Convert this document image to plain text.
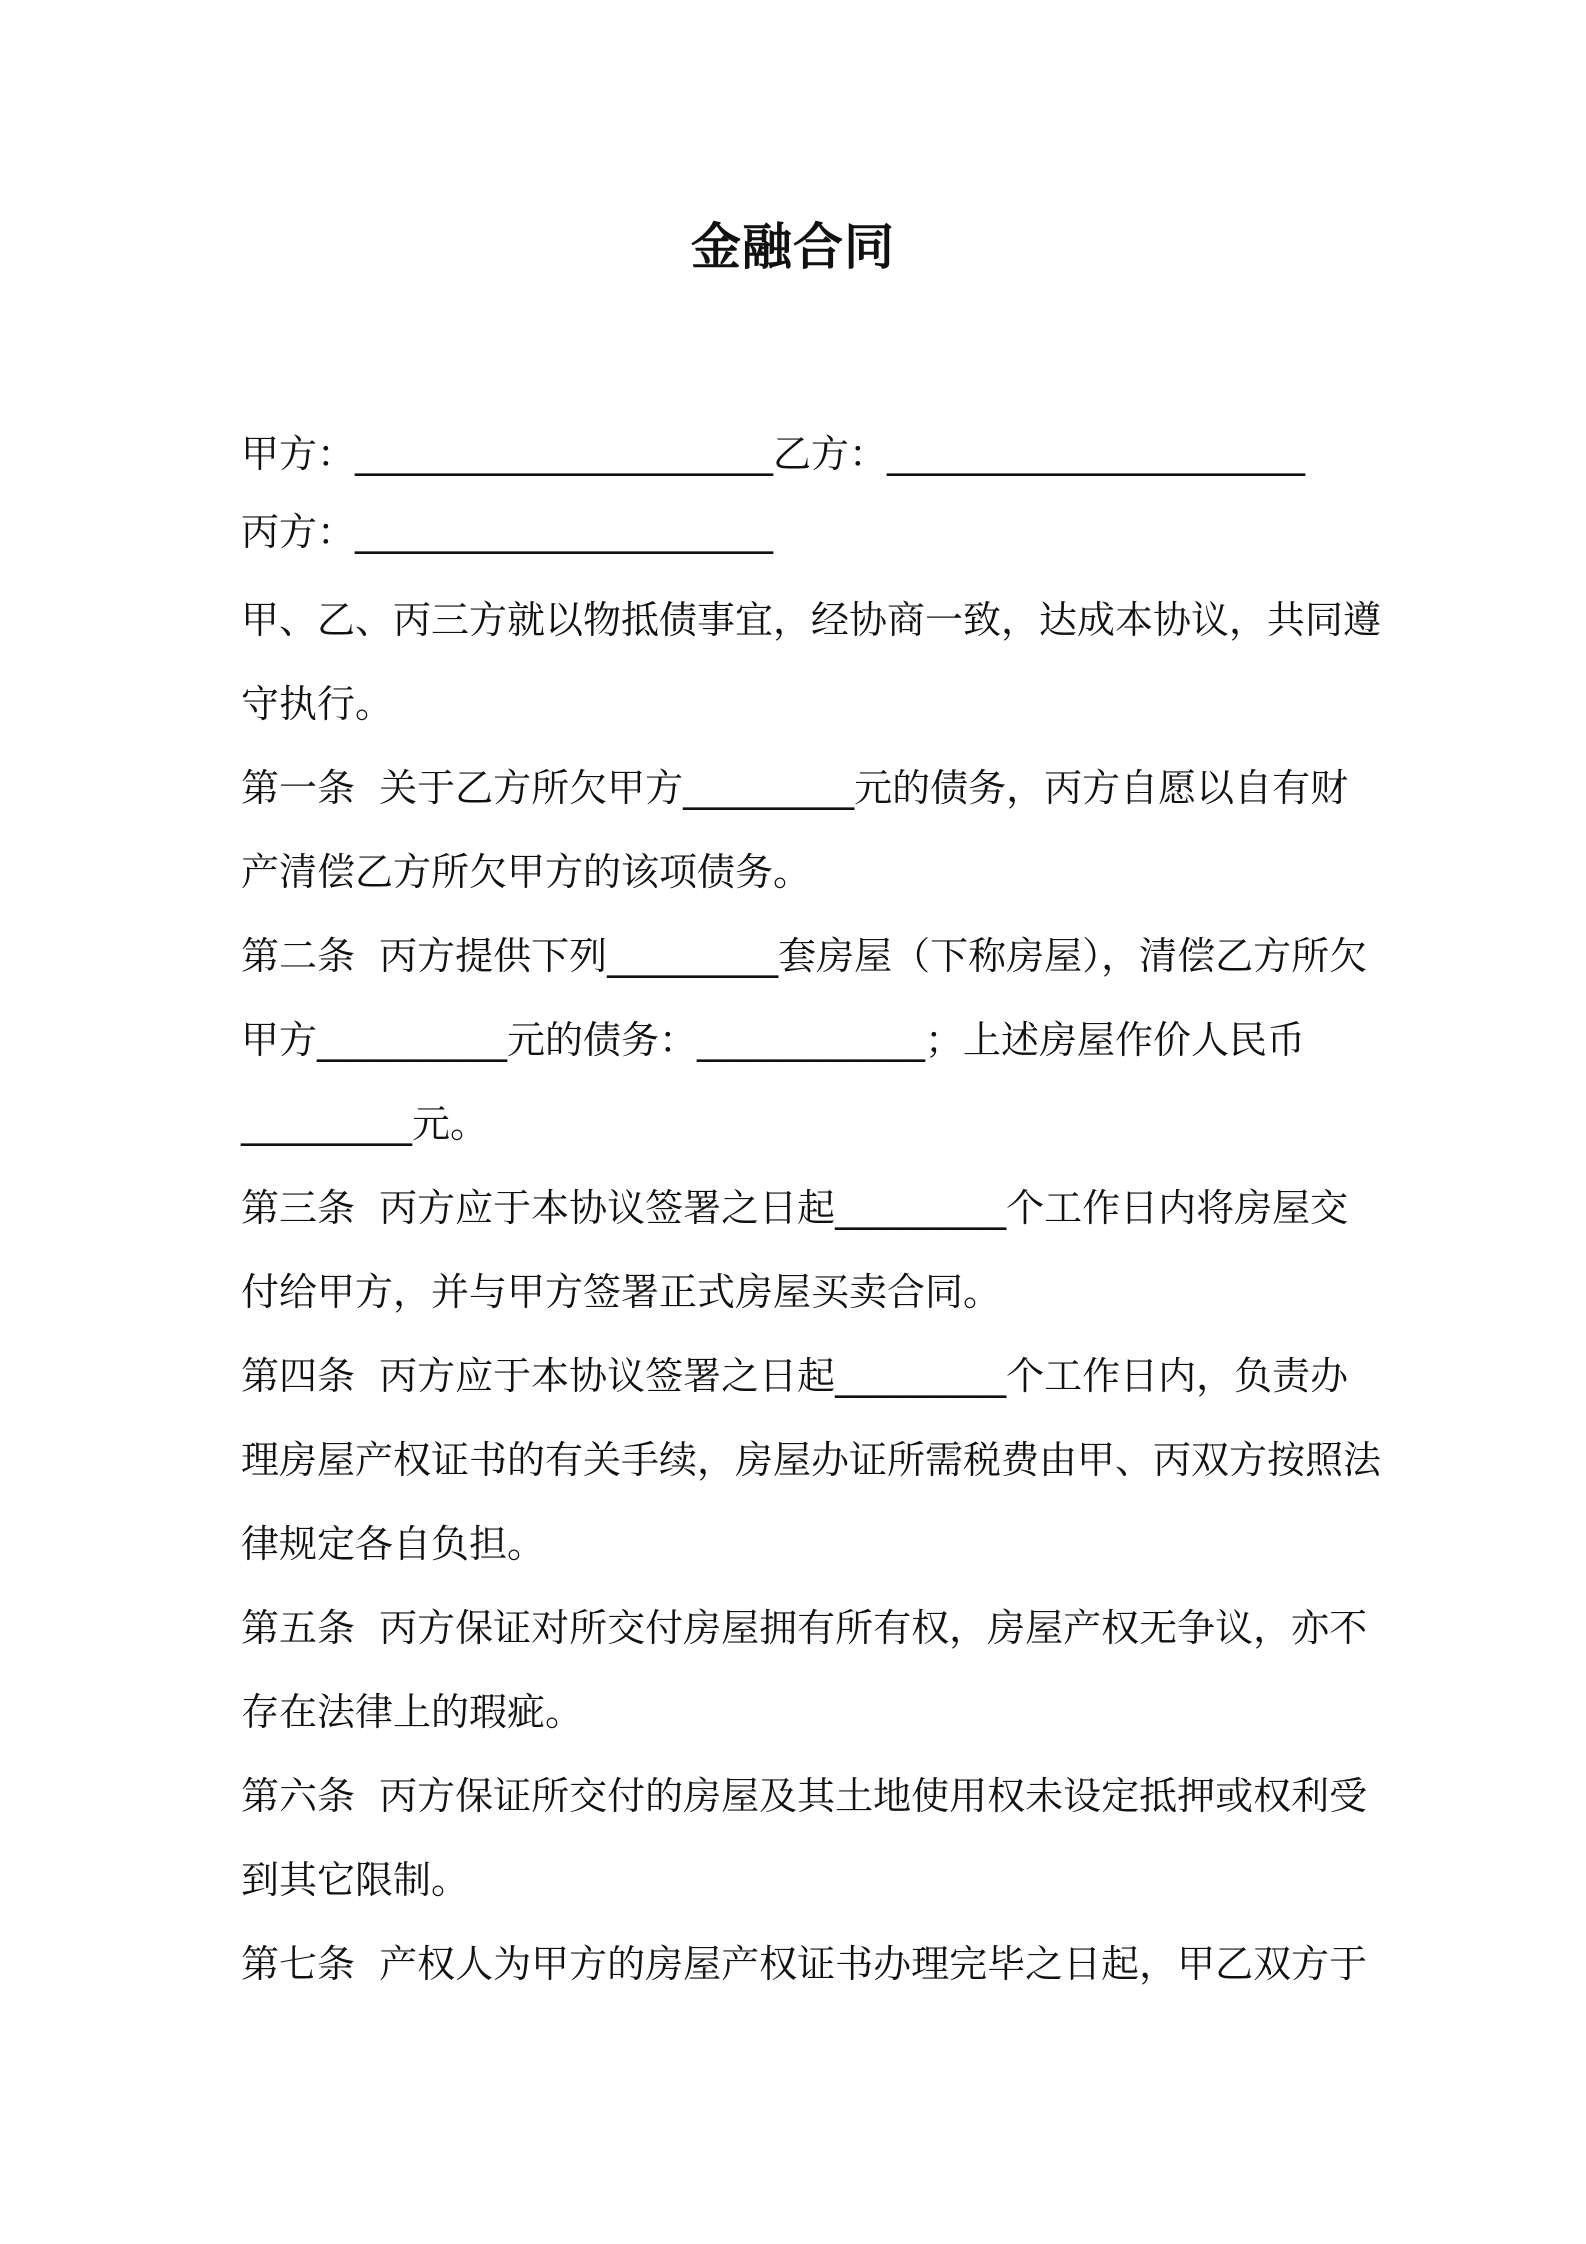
金融合同
甲方：______________________乙方：______________________
丙方：______________________
甲、乙、丙三方就以物抵债事宜，经协商一致，达成本协议，共同遵
守执行。
第一条  关于乙方所欠甲方_________元的债务，丙方自愿以自有财
产清偿乙方所欠甲方的该项债务。
第二条  丙方提供下列_________套房屋（下称房屋），清偿乙方所欠
甲方__________元的债务：____________；上述房屋作价人民币
_________元。
第三条  丙方应于本协议签署之日起_________个工作日内将房屋交
付给甲方，并与甲方签署正式房屋买卖合同。
第四条  丙方应于本协议签署之日起_________个工作日内，负责办
理房屋产权证书的有关手续，房屋办证所需税费由甲、丙双方按照法
律规定各自负担。
第五条  丙方保证对所交付房屋拥有所有权，房屋产权无争议，亦不
存在法律上的瑕疵。
第六条  丙方保证所交付的房屋及其土地使用权未设定抵押或权利受
到其它限制。
第七条  产权人为甲方的房屋产权证书办理完毕之日起，甲乙双方于
